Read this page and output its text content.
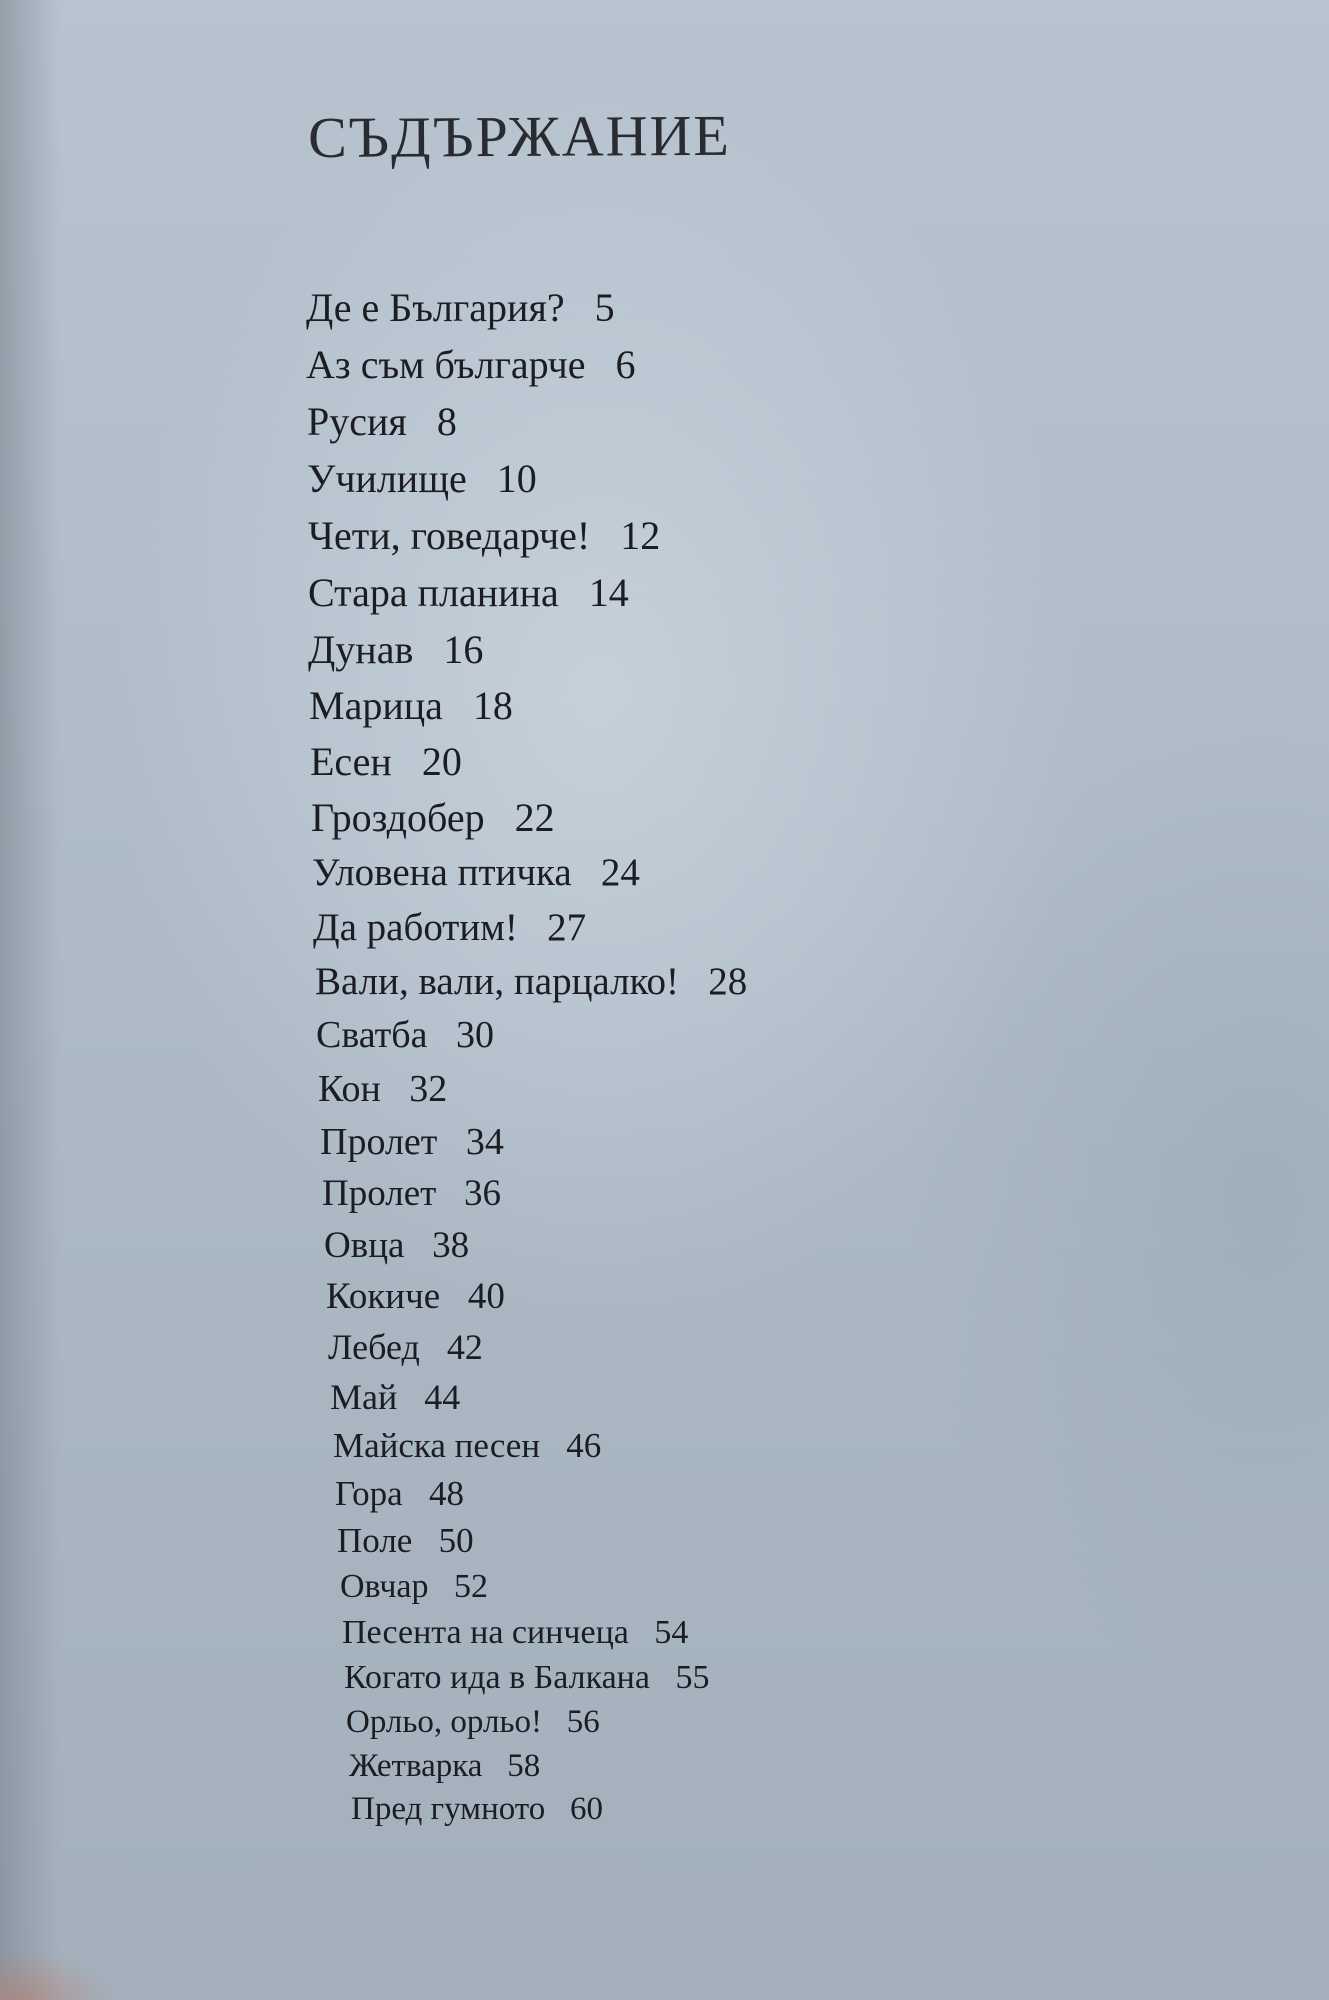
СЪДЪРЖАНИЕ
Де е България? 5
Аз съм българче 6
Русия 8
Училище 10
Чети, говедарче! 12
Стара планина 14
Дунав 16
Марица 18
Есен 20
Гроздобер 22
Уловена птичка 24
Да работим! 27
Вали, вали, парцалко! 28
Сватба 30
Кон 32
Пролет 34
Пролет 36
Овца 38
Кокиче 40
Лебед 42
Май 44
Майска песен 46
Гора 48
Поле 50
Овчар 52
Песента на синчеца 54
Когато ида в Балкана 55
Орльо, орльо! 56
Жетварка 58
Пред гумното 60
